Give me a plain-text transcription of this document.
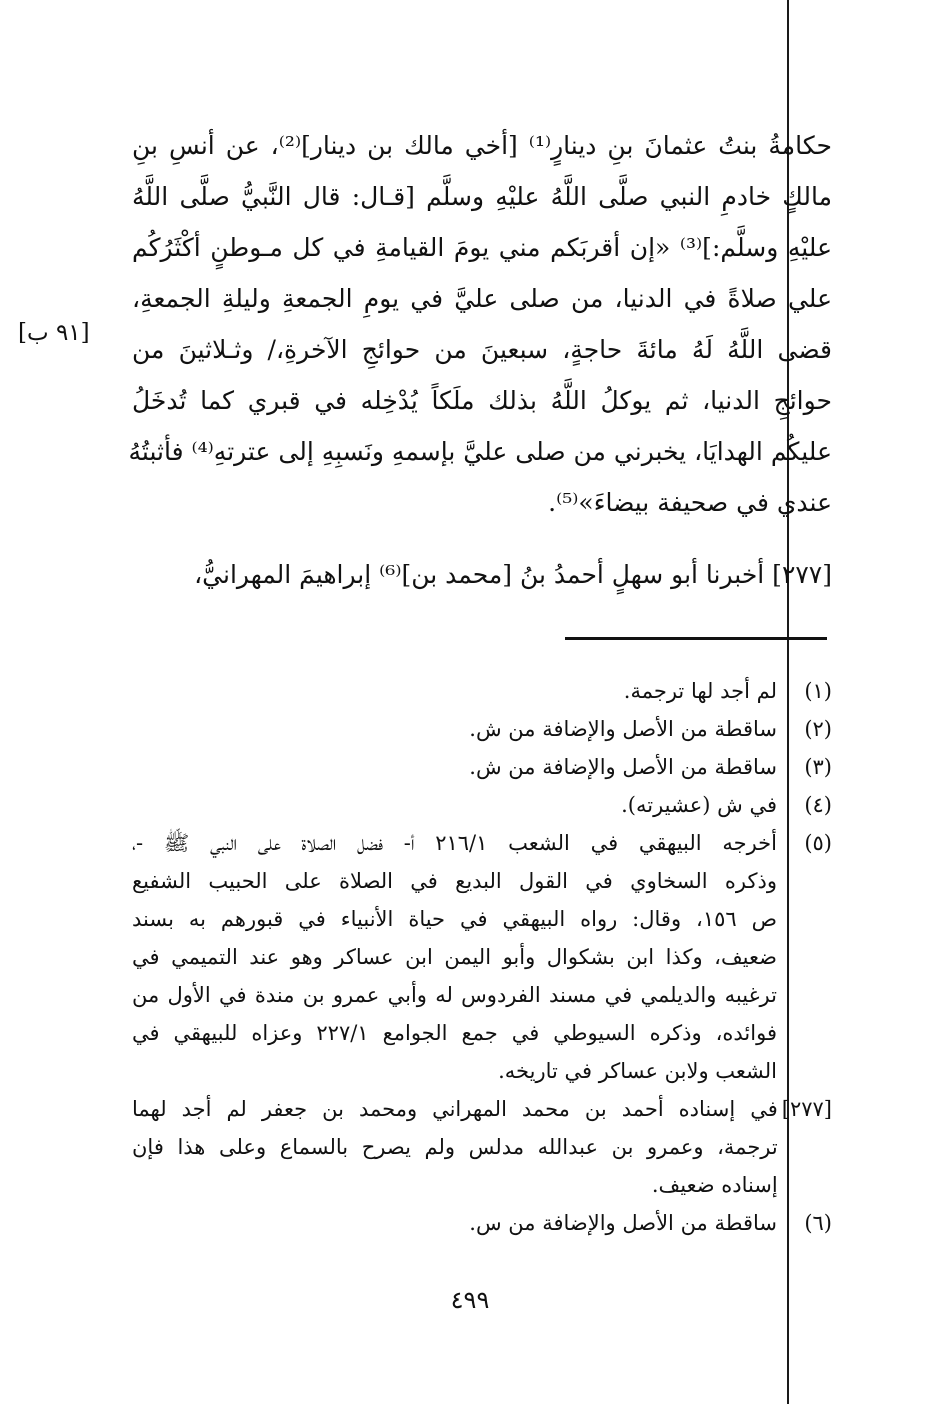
حكامةُ بنتُ عثمانَ بنِ دينارٍ⁽¹⁾ [أخي مالك بن دينار]⁽²⁾، عن أنسِ بنِ
مالكٍ خادمِ النبي صلَّى اللَّهُ عليْهِ وسلَّم [قـال: قال النَّبيُّ صلَّى اللَّهُ
عليْهِ وسلَّم:]⁽³⁾ «إن أقربَكم مني يومَ القيامةِ في كل مـوطنٍ أكْثَرُكُم
علي صلاةً في الدنيا، من صلى عليَّ في يومِ الجمعةِ وليلةِ الجمعةِ،
قضى اللَّهُ لَهُ مائةَ حاجةٍ، سبعينَ من حوائجِ الآخرةِ،/ وثـلاثينَ من
حوائجِ الدنيا، ثم يوكلُ اللَّهُ بذلك ملَكاً يُدْخِله في قبري كما تُدخَلُ
عليكُم الهدايَا، يخبرني من صلى عليَّ بإسمهِ ونَسبِهِ إلى عترتهِ⁽⁴⁾ فأثبتُهُ
عندي في صحيفة بيضاءَ»⁽⁵⁾.
[٩١ ب]
[٢٧٧] أخبرنا أبو سهلٍ أحمدُ بنُ [محمد بن]⁽⁶⁾ إبراهيمَ المهرانيُّ،
(١)
لم أجد لها ترجمة.
(٢)
ساقطة من الأصل والإضافة من ش.
(٣)
ساقطة من الأصل والإضافة من ش.
(٤)
في ش (عشيرته).
(٥)
أخرجه البيهقي في الشعب ٢١٦/١ أ- فضل الصلاة على النبي ﷺ -،
وذكره السخاوي في القول البديع في الصلاة على الحبيب الشفيع
ص ١٥٦، وقال: رواه البيهقي في حياة الأنبياء في قبورهم به بسند
ضعيف، وكذا ابن بشكوال وأبو اليمن ابن عساكر وهو عند التميمي في
ترغيبه والديلمي في مسند الفردوس له وأبي عمرو بن مندة في الأول من
فوائده، وذكره السيوطي في جمع الجوامع ٢٢٧/١ وعزاه للبيهقي في
الشعب ولابن عساكر في تاريخه.
[٢٧٧]
في إسناده أحمد بن محمد المهراني ومحمد بن جعفر لم أجد لهما
ترجمة، وعمرو بن عبدالله مدلس ولم يصرح بالسماع وعلى هذا فإن
إسناده ضعيف.
(٦)
ساقطة من الأصل والإضافة من س.
٤٩٩
